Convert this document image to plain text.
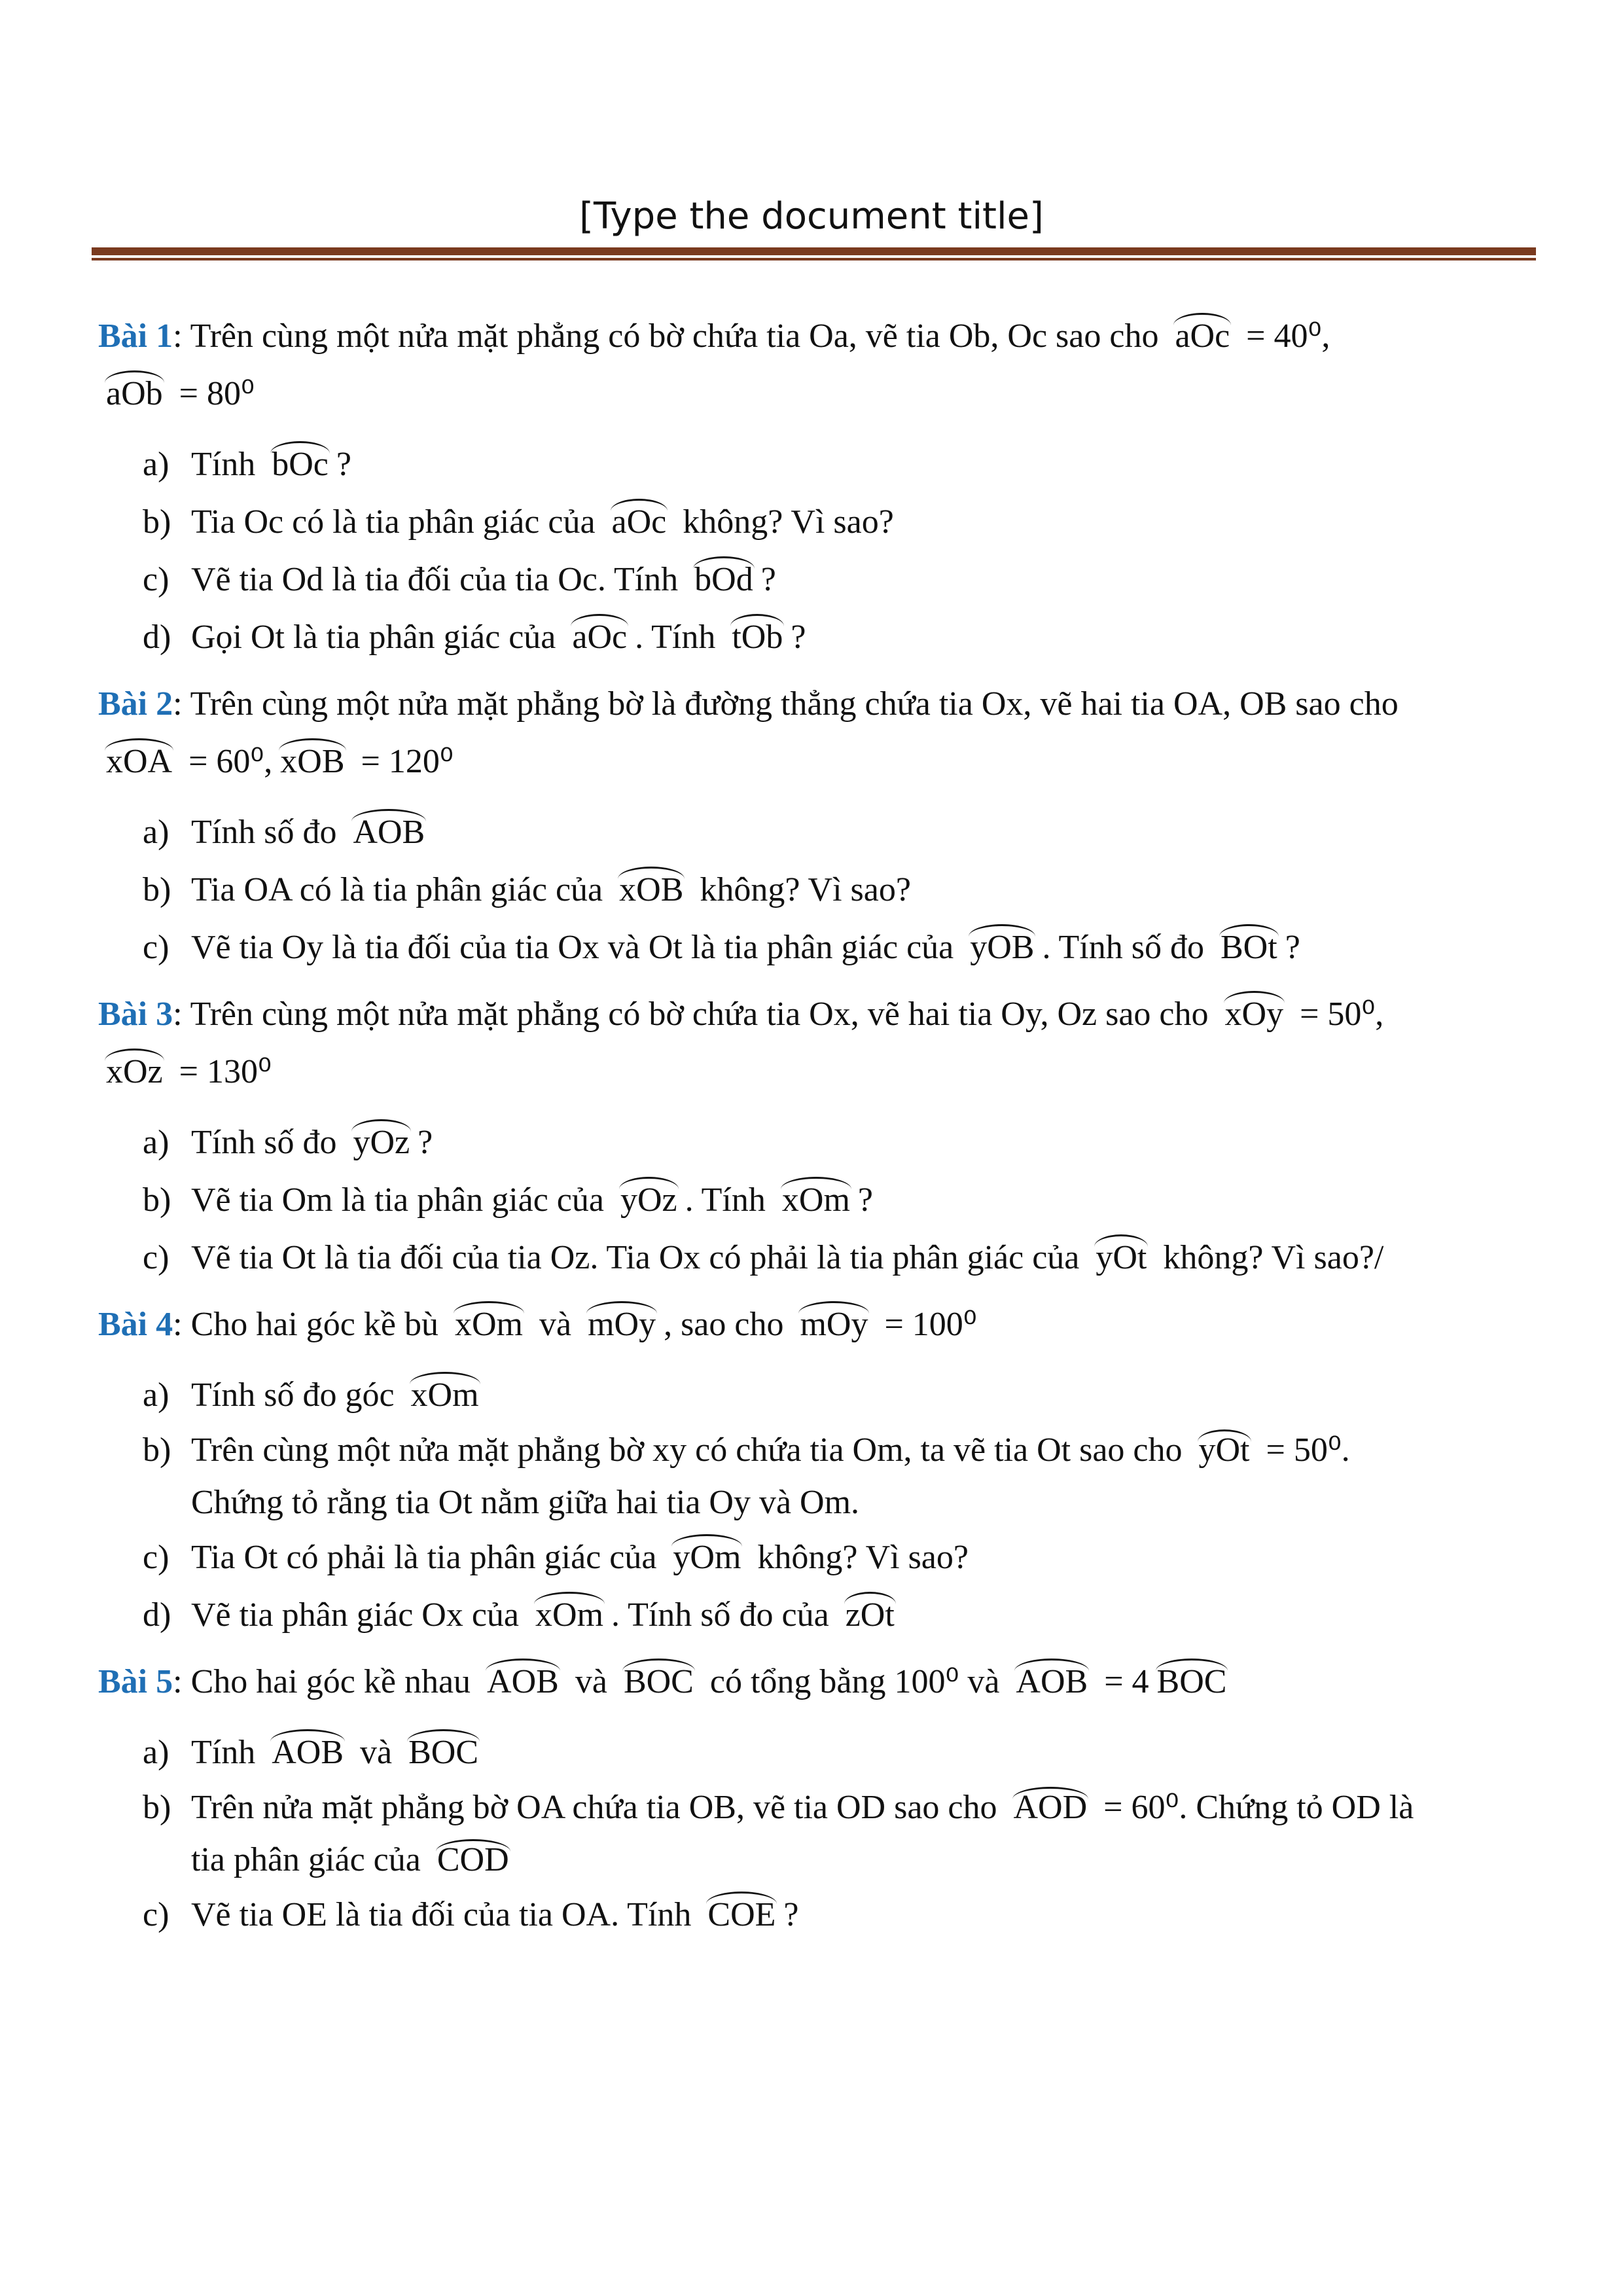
[Type the document title]
Bài 1: Trên cùng một nửa mặt phẳng có bờ chứa tia Oa, vẽ tia Ob, Oc sao cho aOc = 40⁰,
aOb = 80⁰
a) Tính bOc ?
b) Tia Oc có là tia phân giác của aOc không? Vì sao?
c) Vẽ tia Od là tia đối của tia Oc. Tính bOd ?
d) Gọi Ot là tia phân giác của aOc . Tính tOb ?
Bài 2: Trên cùng một nửa mặt phẳng bờ là đường thẳng chứa tia Ox, vẽ hai tia OA, OB sao cho
xOA = 60⁰, xOB = 120⁰
a) Tính số đo AOB
b) Tia OA có là tia phân giác của xOB không? Vì sao?
c) Vẽ tia Oy là tia đối của tia Ox và Ot là tia phân giác của yOB . Tính số đo BOt ?
Bài 3: Trên cùng một nửa mặt phẳng có bờ chứa tia Ox, vẽ hai tia Oy, Oz sao cho xOy = 50⁰,
xOz = 130⁰
a) Tính số đo yOz ?
b) Vẽ tia Om là tia phân giác của yOz . Tính xOm ?
c) Vẽ tia Ot là tia đối của tia Oz. Tia Ox có phải là tia phân giác của yOt không? Vì sao?/
Bài 4: Cho hai góc kề bù xOm và mOy , sao cho mOy = 100⁰
a) Tính số đo góc xOm
b) Trên cùng một nửa mặt phẳng bờ xy có chứa tia Om, ta vẽ tia Ot sao cho yOt = 50⁰.
Chứng tỏ rằng tia Ot nằm giữa hai tia Oy và Om.
c) Tia Ot có phải là tia phân giác của yOm không? Vì sao?
d) Vẽ tia phân giác Ox của xOm . Tính số đo của zOt
Bài 5: Cho hai góc kề nhau AOB và BOC có tổng bằng 100⁰ và AOB = 4 BOC
a) Tính AOB và BOC
b) Trên nửa mặt phẳng bờ OA chứa tia OB, vẽ tia OD sao cho AOD = 60⁰. Chứng tỏ OD là
tia phân giác của COD
c) Vẽ tia OE là tia đối của tia OA. Tính COE ?
